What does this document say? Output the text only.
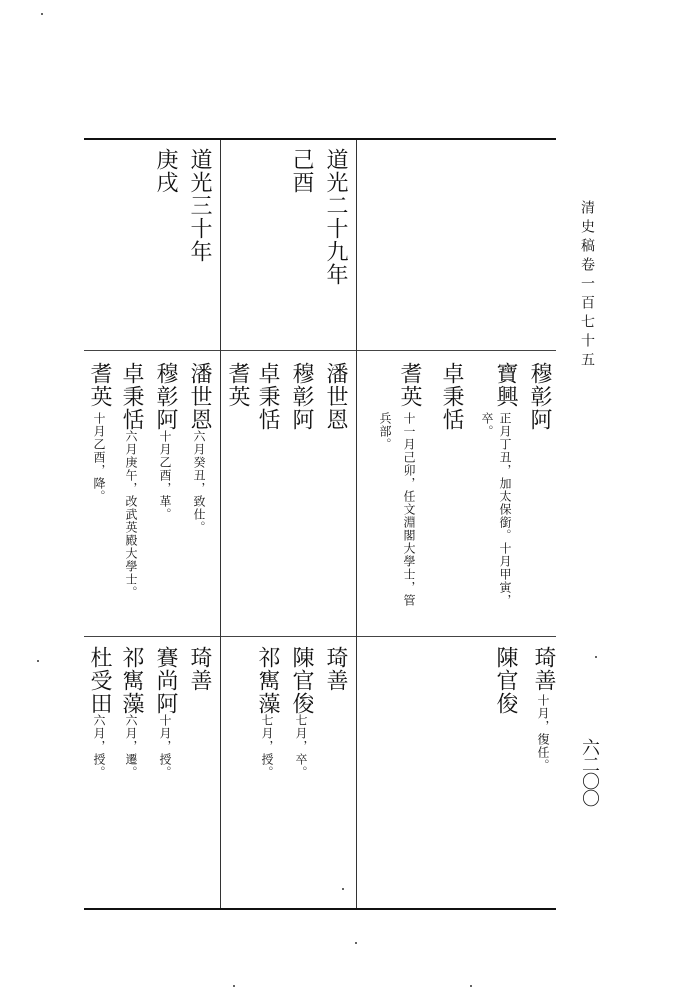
清史稿卷一百七十五
六二〇〇
道光二十九年
己酉
道光三十年
庚戌
穆彰阿
寶興
正月丁丑，加太保銜。十月甲寅，
卒。
卓秉恬
耆英
十一月己卯，任文淵閣大學士，管
兵部。
琦善
十月，復任。
陳官俊
潘世恩
穆彰阿
卓秉恬
耆英
琦善
陳官俊
七月，卒。
祁寯藻
七月，授。
潘世恩
六月癸丑，致仕。
穆彰阿
十月乙酉，革。
卓秉恬
六月庚午，改武英殿大學士。
耆英
十月乙酉，降。
琦善
賽尚阿
十月，授。
祁寯藻
六月，遷。
杜受田
六月，授。
